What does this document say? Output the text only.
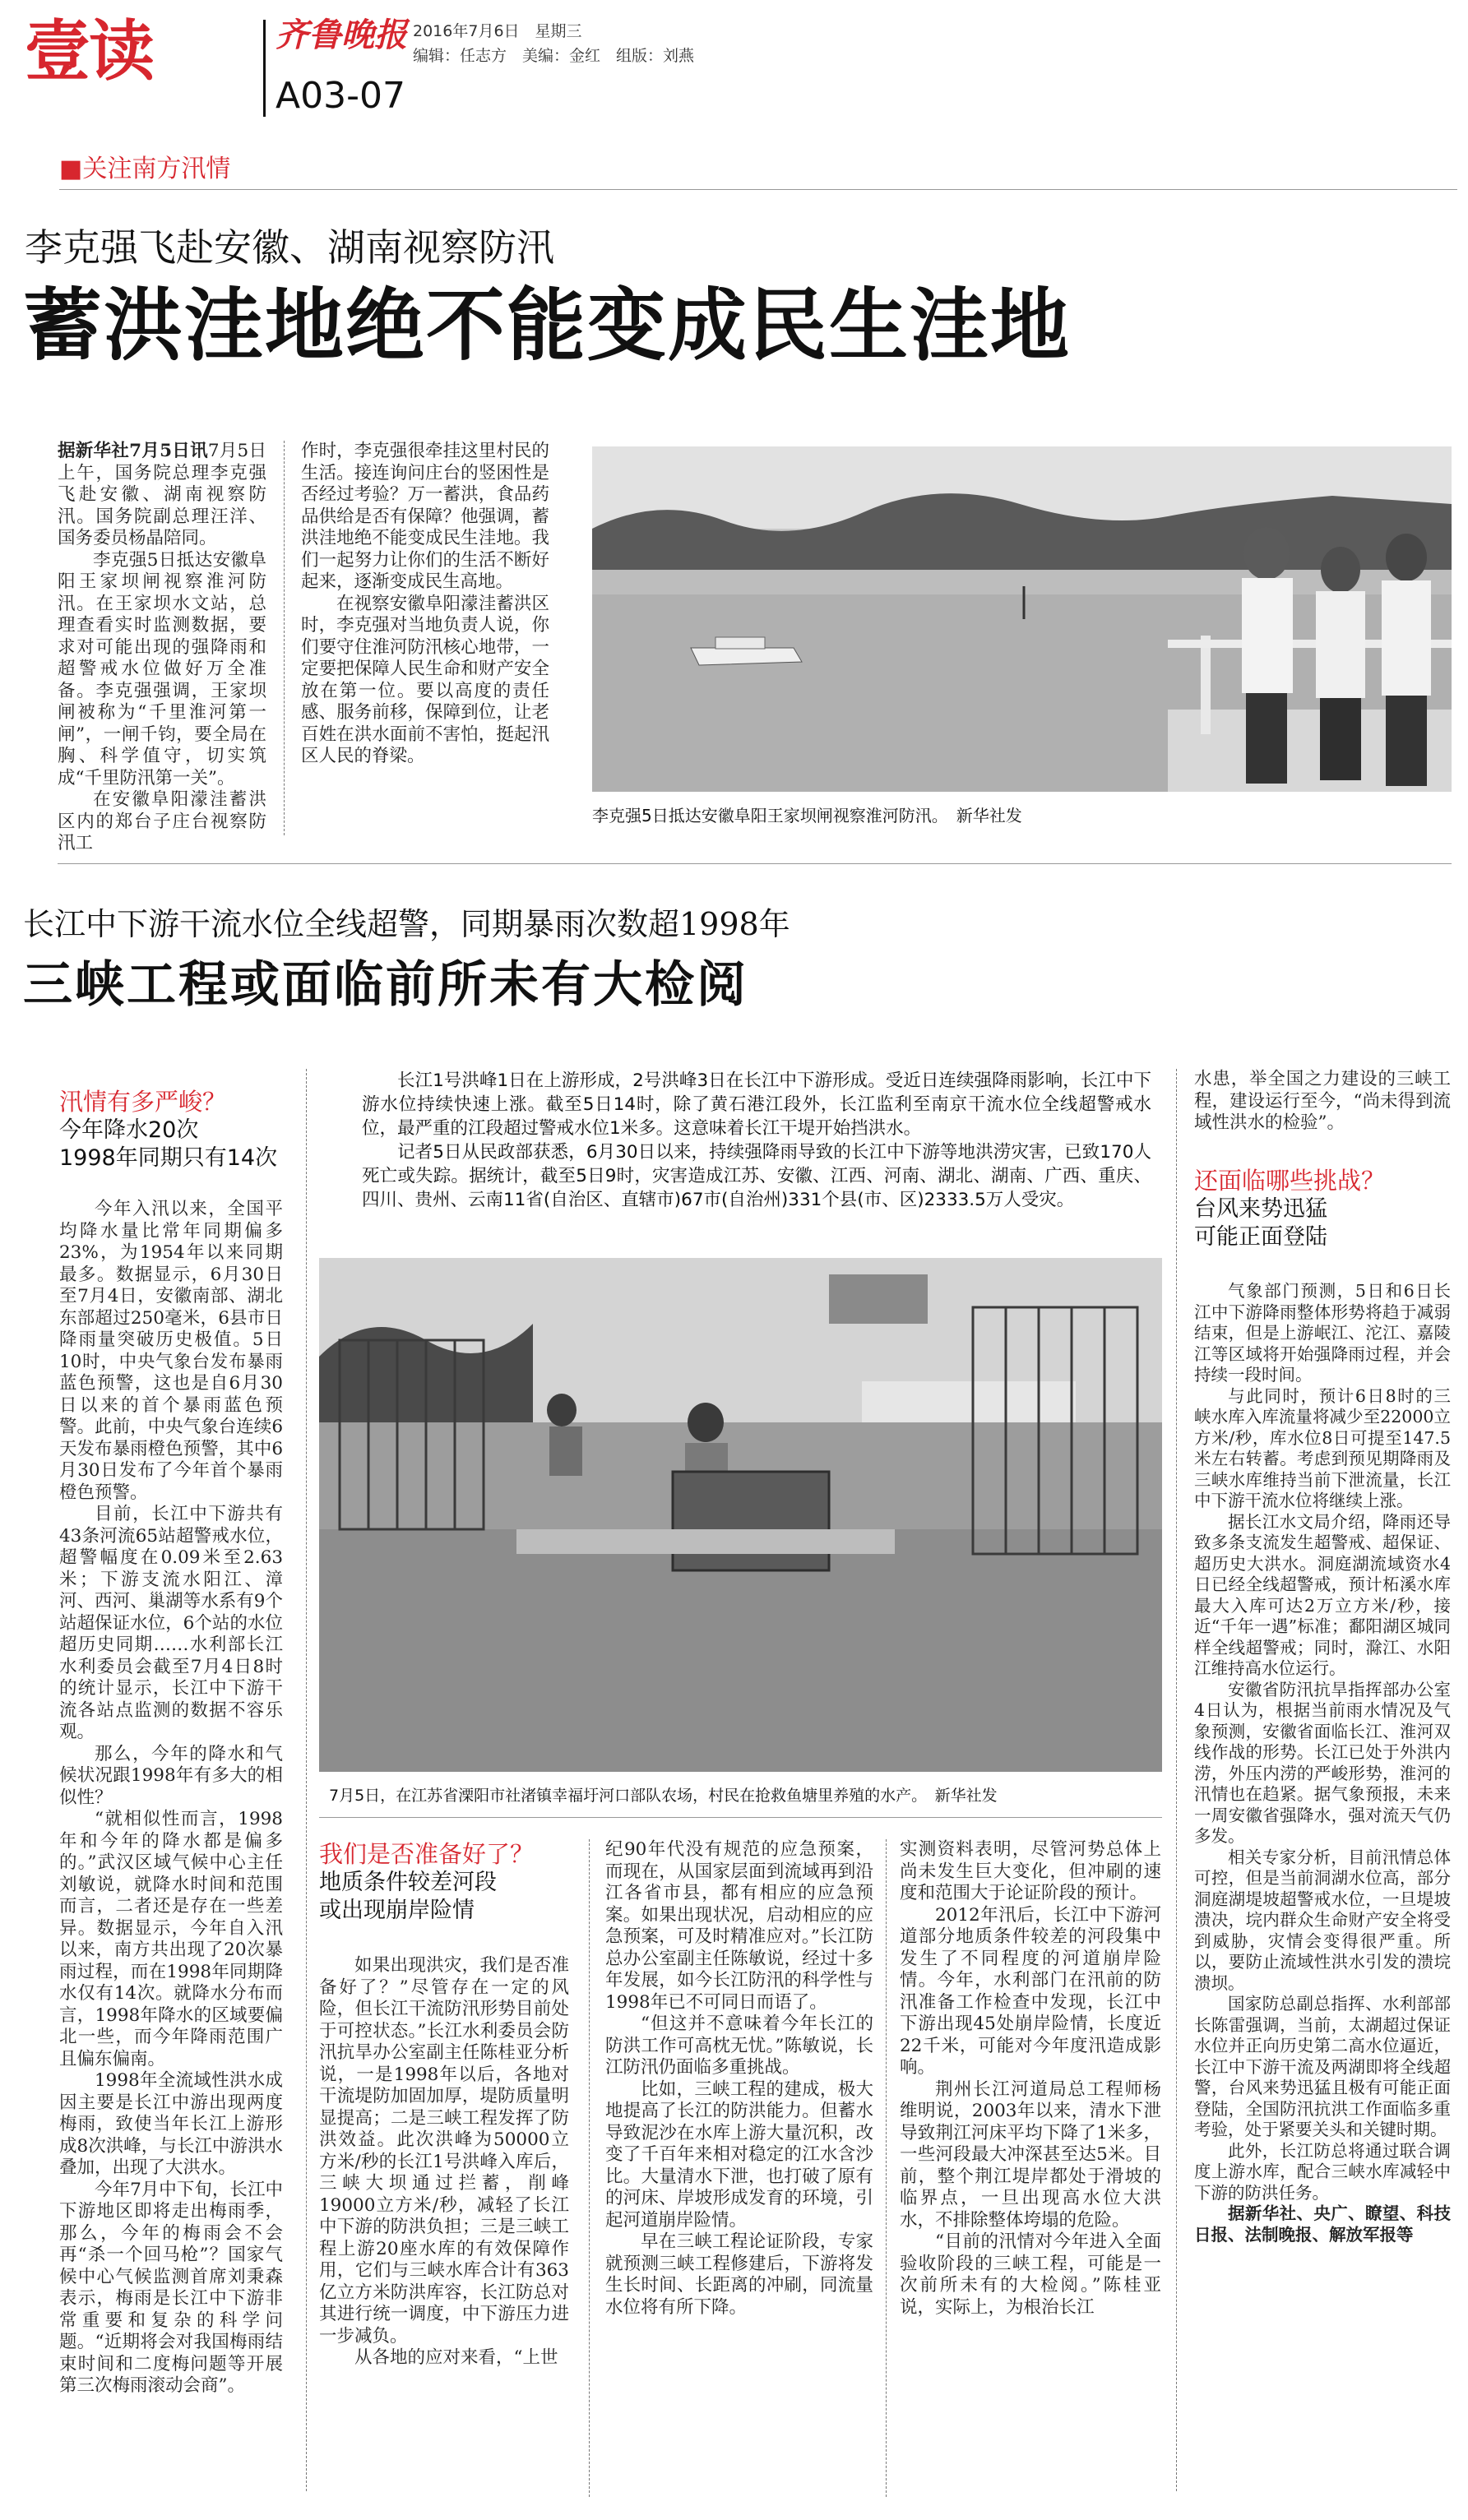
壹读	齐鲁晚报 2016年7月6日　星期三
编辑：任志方　美编：金红　组版：刘燕
A03-07
■关注南方汛情
李克强飞赴安徽、湖南视察防汛
蓄洪洼地绝不能变成民生洼地

据新华社7月5日讯7月5日上午，国务院总理李克强飞赴安徽、湖南视察防汛。国务院副总理汪洋、国务委员杨晶陪同。

李克强5日抵达安徽阜阳王家坝闸视察淮河防汛。在王家坝水文站，总理查看实时监测数据，要求对可能出现的强降雨和超警戒水位做好万全准备。李克强强调，王家坝闸被称为“千里淮河第一闸”，一闸千钧，要全局在胸、科学值守，切实筑成“千里防汛第一关”。

在安徽阜阳濛洼蓄洪区内的郑台子庄台视察防汛工

作时，李克强很牵挂这里村民的生活。接连询问庄台的竖困性是否经过考验？万一蓄洪，食品药品供给是否有保障？他强调，蓄洪洼地绝不能变成民生洼地。我们一起努力让你们的生活不断好起来，逐渐变成民生高地。

在视察安徽阜阳濛洼蓄洪区时，李克强对当地负责人说，你们要守住淮河防汛核心地带，一定要把保障人民生命和财产安全放在第一位。要以高度的责任感、服务前移，保障到位，让老百姓在洪水面前不害怕，挺起汛区人民的脊梁。

李克强5日抵达安徽阜阳王家坝闸视察淮河防汛。　新华社发
长江中下游干流水位全线超警，同期暴雨次数超1998年
三峡工程或面临前所未有大检阅
汛情有多严峻？
今年降水20次
1998年同期只有14次

今年入汛以来，全国平均降水量比常年同期偏多23%，为1954年以来同期最多。数据显示，6月30日至7月4日，安徽南部、湖北东部超过250毫米，6县市日降雨量突破历史极值。5日10时，中央气象台发布暴雨蓝色预警，这也是自6月30日以来的首个暴雨蓝色预警。此前，中央气象台连续6天发布暴雨橙色预警，其中6月30日发布了今年首个暴雨橙色预警。

目前，长江中下游共有43条河流65站超警戒水位，超警幅度在0.09米至2.63米；下游支流水阳江、漳河、西河、巢湖等水系有9个站超保证水位，6个站的水位超历史同期……水利部长江水利委员会截至7月4日8时的统计显示，长江中下游干流各站点监测的数据不容乐观。

那么，今年的降水和气候状况跟1998年有多大的相似性？

“就相似性而言，1998年和今年的降水都是偏多的。”武汉区域气候中心主任刘敏说，就降水时间和范围而言，二者还是存在一些差异。数据显示，今年自入汛以来，南方共出现了20次暴雨过程，而在1998年同期降水仅有14次。就降水分布而言，1998年降水的区域要偏北一些，而今年降雨范围广且偏东偏南。

1998年全流域性洪水成因主要是长江中游出现两度梅雨，致使当年长江上游形成8次洪峰，与长江中游洪水叠加，出现了大洪水。

今年7月中下旬，长江中下游地区即将走出梅雨季，那么，今年的梅雨会不会再“杀一个回马枪”？国家气候中心气候监测首席刘秉森表示，梅雨是长江中下游非常重要和复杂的科学问题。“近期将会对我国梅雨结束时间和二度梅问题等开展第三次梅雨滚动会商”。

长江1号洪峰1日在上游形成，2号洪峰3日在长江中下游形成。受近日连续强降雨影响，长江中下游水位持续快速上涨。截至5日14时，除了黄石港江段外，长江监利至南京干流水位全线超警戒水位，最严重的江段超过警戒水位1米多。这意味着长江干堤开始挡洪水。

记者5日从民政部获悉，6月30日以来，持续强降雨导致的长江中下游等地洪涝灾害，已致170人死亡或失踪。据统计，截至5日9时，灾害造成江苏、安徽、江西、河南、湖北、湖南、广西、重庆、四川、贵州、云南11省(自治区、直辖市)67市(自治州)331个县(市、区)2333.5万人受灾。

7月5日，在江苏省溧阳市社渚镇幸福圩河口部队农场，村民在抢救鱼塘里养殖的水产。　新华社发
我们是否准备好了？
地质条件较差河段
或出现崩岸险情

如果出现洪灾，我们是否准备好了？”尽管存在一定的风险，但长江干流防汛形势目前处于可控状态。”长江水利委员会防汛抗旱办公室副主任陈桂亚分析说，一是1998年以后，各地对干流堤防加固加厚，堤防质量明显提高；二是三峡工程发挥了防洪效益。此次洪峰为50000立方米/秒的长江1号洪峰入库后，三峡大坝通过拦蓄，削峰19000立方米/秒，减轻了长江中下游的防洪负担；三是三峡工程上游20座水库的有效保障作用，它们与三峡水库合计有363亿立方米防洪库容，长江防总对其进行统一调度，中下游压力进一步减负。

从各地的应对来看，“上世

纪90年代没有规范的应急预案，而现在，从国家层面到流域再到沿江各省市县，都有相应的应急预案。如果出现状况，启动相应的应急预案，可及时精准应对。”长江防总办公室副主任陈敏说，经过十多年发展，如今长江防汛的科学性与1998年已不可同日而语了。

“但这并不意味着今年长江的防洪工作可高枕无忧。”陈敏说，长江防汛仍面临多重挑战。

比如，三峡工程的建成，极大地提高了长江的防洪能力。但蓄水导致泥沙在水库上游大量沉积，改变了千百年来相对稳定的江水含沙比。大量清水下泄，也打破了原有的河床、岸坡形成发育的环境，引起河道崩岸险情。

早在三峡工程论证阶段，专家就预测三峡工程修建后，下游将发生长时间、长距离的冲刷，同流量水位将有所下降。

实测资料表明，尽管河势总体上尚未发生巨大变化，但冲刷的速度和范围大于论证阶段的预计。

2012年汛后，长江中下游河道部分地质条件较差的河段集中发生了不同程度的河道崩岸险情。今年，水利部门在汛前的防汛准备工作检查中发现，长江中下游出现45处崩岸险情，长度近22千米，可能对今年度汛造成影响。

荆州长江河道局总工程师杨维明说，2003年以来，清水下泄导致荆江河床平均下降了1米多，一些河段最大冲深甚至达5米。目前，整个荆江堤岸都处于滑坡的临界点，一旦出现高水位大洪水，不排除整体垮塌的危险。

“目前的汛情对今年进入全面验收阶段的三峡工程，可能是一次前所未有的大检阅。”陈桂亚说，实际上，为根治长江

水患，举全国之力建设的三峡工程，建设运行至今，“尚未得到流域性洪水的检验”。

还面临哪些挑战？
台风来势迅猛
可能正面登陆

气象部门预测，5日和6日长江中下游降雨整体形势将趋于减弱结束，但是上游岷江、沱江、嘉陵江等区域将开始强降雨过程，并会持续一段时间。

与此同时，预计6日8时的三峡水库入库流量将减少至22000立方米/秒，库水位8日可提至147.5米左右转蓄。考虑到预见期降雨及三峡水库维持当前下泄流量，长江中下游干流水位将继续上涨。

据长江水文局介绍，降雨还导致多条支流发生超警戒、超保证、超历史大洪水。洞庭湖流域资水4日已经全线超警戒，预计柘溪水库最大入库可达2万立方米/秒，接近“千年一遇”标准；鄱阳湖区城同样全线超警戒；同时，滁江、水阳江维持高水位运行。

安徽省防汛抗旱指挥部办公室4日认为，根据当前雨水情况及气象预测，安徽省面临长江、淮河双线作战的形势。长江已处于外洪内涝，外压内涝的严峻形势，淮河的汛情也在趋紧。据气象预报，未来一周安徽省强降水，强对流天气仍多发。

相关专家分析，目前汛情总体可控，但是当前洞湖水位高，部分洞庭湖堤坡超警戒水位，一旦堤坡溃决，垸内群众生命财产安全将受到威胁，灾情会变得很严重。所以，要防止流域性洪水引发的溃垸溃坝。

国家防总副总指挥、水利部部长陈雷强调，当前，太湖超过保证水位并正向历史第二高水位逼近，长江中下游干流及两湖即将全线超警，台风来势迅猛且极有可能正面登陆，全国防汛抗洪工作面临多重考验，处于紧要关头和关键时期。

此外，长江防总将通过联合调度上游水库，配合三峡水库减轻中下游的防洪任务。

据新华社、央广、瞭望、科技日报、法制晚报、解放军报等
